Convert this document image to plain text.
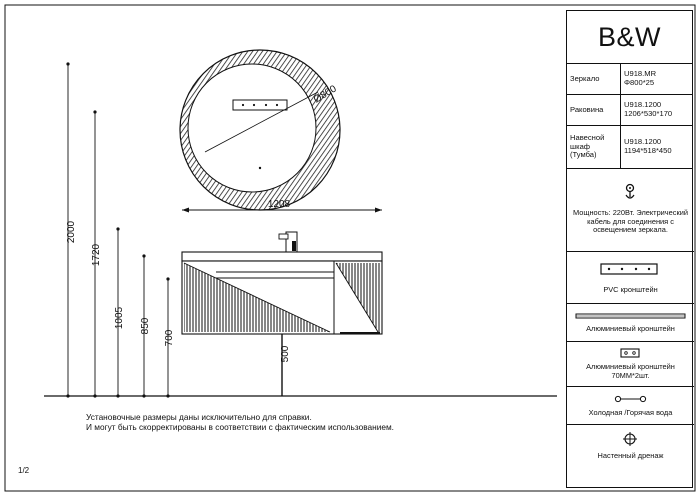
2000
1720
1005 850
700
Ø800
1208
500
Установочные размеры даны исключительно для справки.
И могут быть скорректированы в соответствии с фактическим использованием.
1/2
B&W
Зеркало	U918.MR
Φ800*25
Раковина	U918.1200
1206*530*170
Навесной шкаф (Тумба)
U918.1200
1194*518*450
Мощность: 220Вт. Электрический кабель для соединения с освещением зеркала.
PVC кронштейн
Алюминиевый кронштейн
Алюминиевый кронштейн 70MM*2шт.
Холодная /Горячая вода
Настенный дренаж
